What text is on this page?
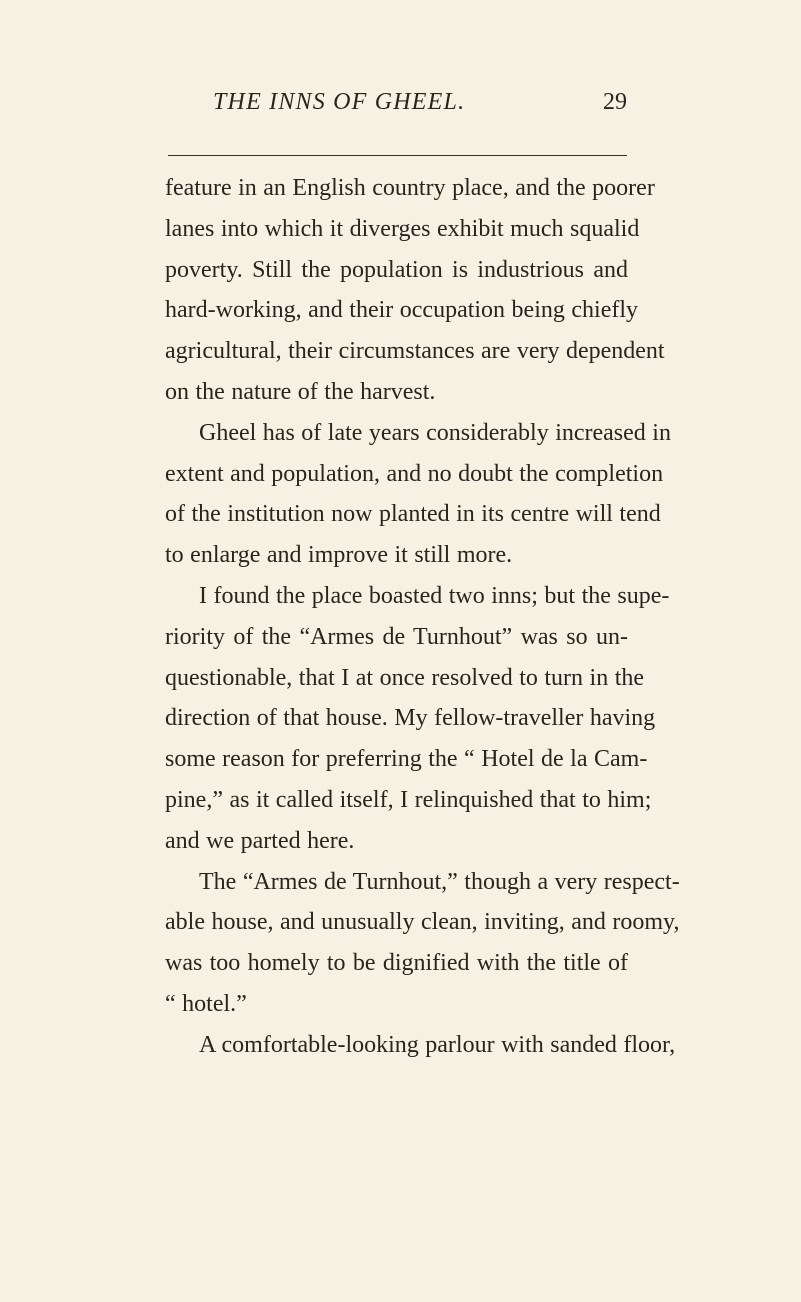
THE INNS OF GHEEL.	29
feature in an English country place, and the poorer
lanes into which it diverges exhibit much squalid
poverty. Still the population is industrious and
hard-working, and their occupation being chiefly
agricultural, their circumstances are very dependent
on the nature of the harvest.
Gheel has of late years considerably increased in
extent and population, and no doubt the completion
of the institution now planted in its centre will tend
to enlarge and improve it still more.
I found the place boasted two inns; but the supe-
riority of the “Armes de Turnhout” was so un-
questionable, that I at once resolved to turn in the
direction of that house. My fellow-traveller having
some reason for preferring the “ Hotel de la Cam-
pine,” as it called itself, I relinquished that to him;
and we parted here.
The “Armes de Turnhout,” though a very respect-
able house, and unusually clean, inviting, and roomy,
was too homely to be dignified with the title of
“ hotel.”
A comfortable-looking parlour with sanded floor,
